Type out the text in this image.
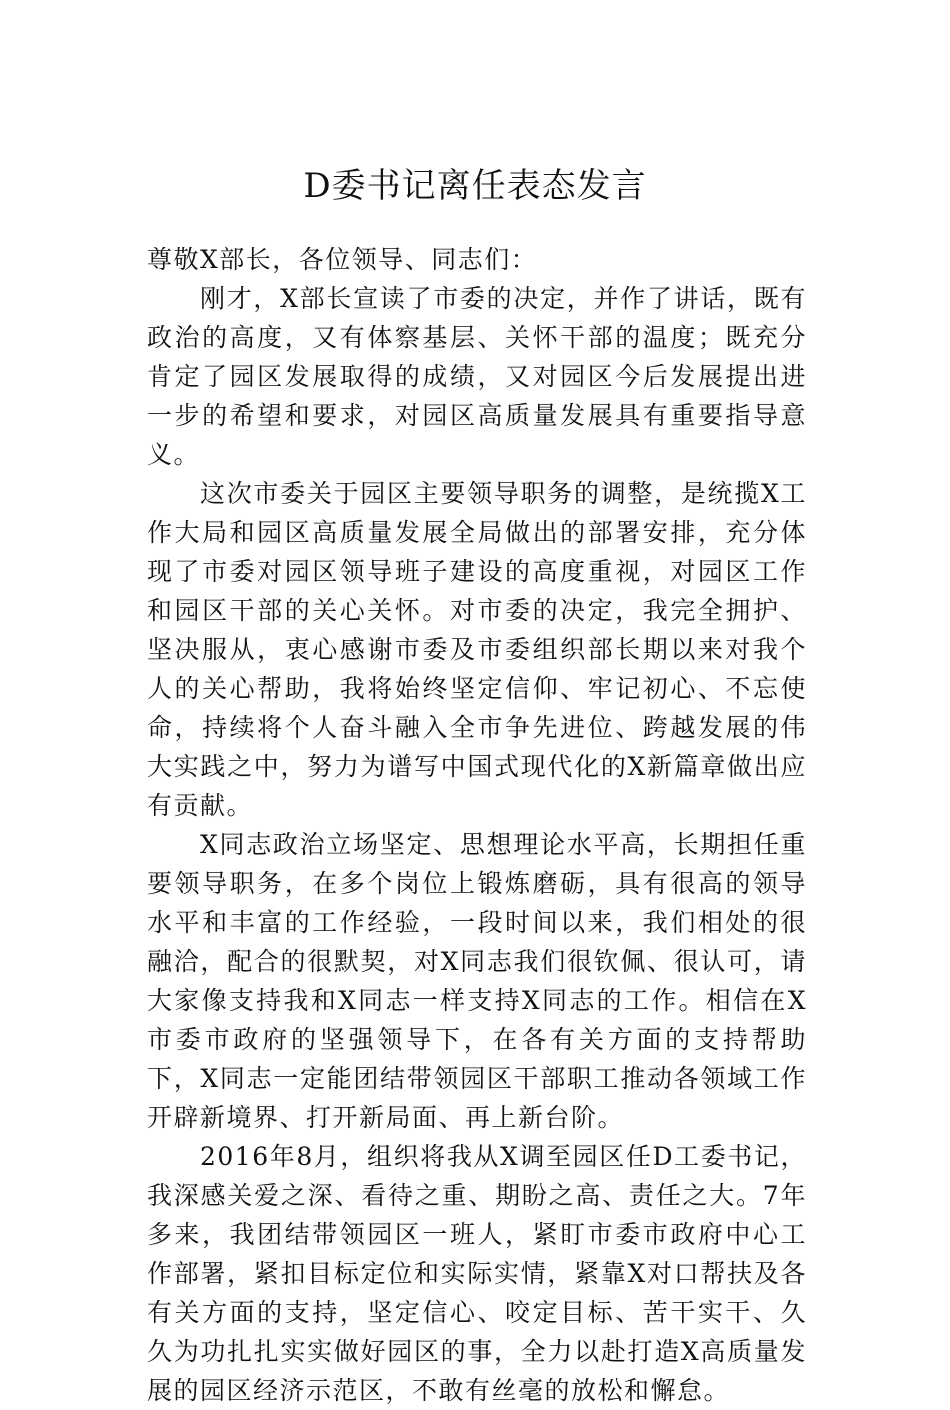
D委书记离任表态发言

尊敬X部长，各位领导、同志们：

刚才，X部长宣读了市委的决定，并作了讲话，既有政治的高度，又有体察基层、关怀干部的温度；既充分肯定了园区发展取得的成绩，又对园区今后发展提出进一步的希望和要求，对园区高质量发展具有重要指导意义。

这次市委关于园区主要领导职务的调整，是统揽X工作大局和园区高质量发展全局做出的部署安排，充分体现了市委对园区领导班子建设的高度重视，对园区工作和园区干部的关心关怀。对市委的决定，我完全拥护、坚决服从，衷心感谢市委及市委组织部长期以来对我个人的关心帮助，我将始终坚定信仰、牢记初心、不忘使命，持续将个人奋斗融入全市争先进位、跨越发展的伟大实践之中，努力为谱写中国式现代化的X新篇章做出应有贡献。

X同志政治立场坚定、思想理论水平高，长期担任重要领导职务，在多个岗位上锻炼磨砺，具有很高的领导水平和丰富的工作经验，一段时间以来，我们相处的很融洽，配合的很默契，对X同志我们很钦佩、很认可，请大家像支持我和X同志一样支持X同志的工作。相信在X市委市政府的坚强领导下，在各有关方面的支持帮助下，X同志一定能团结带领园区干部职工推动各领域工作开辟新境界、打开新局面、再上新台阶。

2016年8月，组织将我从X调至园区任D工委书记，我深感关爱之深、看待之重、期盼之高、责任之大。7年多来，我团结带领园区一班人，紧盯市委市政府中心工作部署，紧扣目标定位和实际实情，紧靠X对口帮扶及各有关方面的支持，坚定信心、咬定目标、苦干实干、久久为功扎扎实实做好园区的事，全力以赴打造X高质量发展的园区经济示范区，不敢有丝毫的放松和懈怠。
